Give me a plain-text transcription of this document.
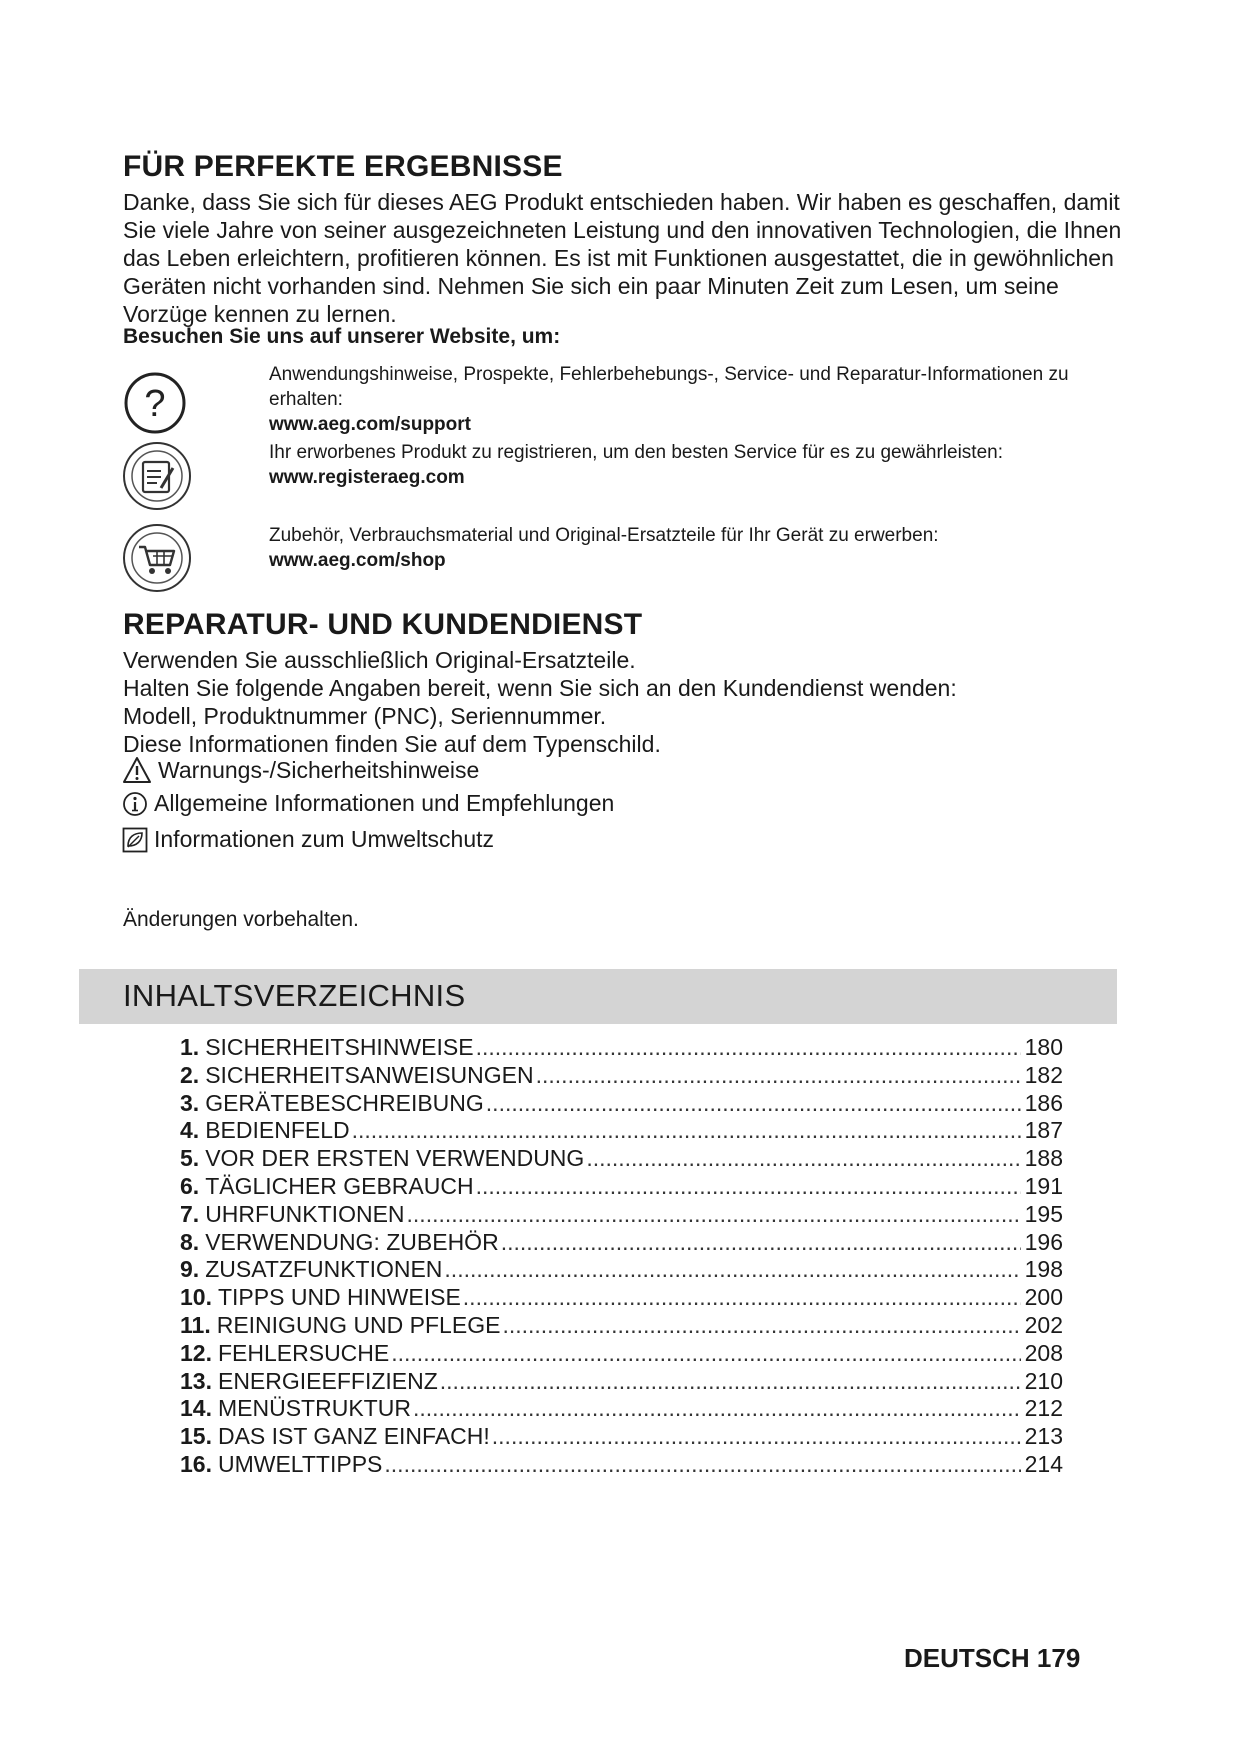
FÜR PERFEKTE ERGEBNISSE

Danke, dass Sie sich für dieses AEG Produkt entschieden haben. Wir haben es geschaffen, damit Sie viele Jahre von seiner ausgezeichneten Leistung und den innovativen Technologien, die Ihnen das Leben erleichtern, profitieren können. Es ist mit Funktionen ausgestattet, die in gewöhnlichen Geräten nicht vorhanden sind. Nehmen Sie sich ein paar Minuten Zeit zum Lesen, um seine Vorzüge kennen zu lernen.

Besuchen Sie uns auf unserer Website, um:

?
Anwendungshinweise, Prospekte, Fehlerbehebungs-, Service- und Reparatur-Informationen zu erhalten:
www.aeg.com/support
Ihr erworbenes Produkt zu registrieren, um den besten Service für es zu gewährleisten:
www.registeraeg.com
Zubehör, Verbrauchsmaterial und Original-Ersatzteile für Ihr Gerät zu erwerben:
www.aeg.com/shop
REPARATUR- UND KUNDENDIENST
Verwenden Sie ausschließlich Original-Ersatzteile.
Halten Sie folgende Angaben bereit, wenn Sie sich an den Kundendienst wenden:
Modell, Produktnummer (PNC), Seriennummer.
Diese Informationen finden Sie auf dem Typenschild.
Warnungs-/Sicherheitshinweise
Allgemeine Informationen und Empfehlungen
Informationen zum Umweltschutz

Änderungen vorbehalten.

INHALTSVERZEICHNIS
1. SICHERHEITSHINWEISE .....	180
2. SICHERHEITSANWEISUNGEN .....	182
3. GERÄTEBESCHREIBUNG .....	186
4. BEDIENFELD .....	187
5. VOR DER ERSTEN VERWENDUNG .....	188
6. TÄGLICHER GEBRAUCH .....	191
7. UHRFUNKTIONEN .....	195
8. VERWENDUNG: ZUBEHÖR .....	196
9. ZUSATZFUNKTIONEN .....	198
10. TIPPS UND HINWEISE .....	200
11. REINIGUNG UND PFLEGE .....	202
12. FEHLERSUCHE .....	208
13. ENERGIEEFFIZIENZ .....	210
14. MENÜSTRUKTUR .....	212
15. DAS IST GANZ EINFACH! .....	213
16. UMWELTTIPPS .....	214

DEUTSCH 179
